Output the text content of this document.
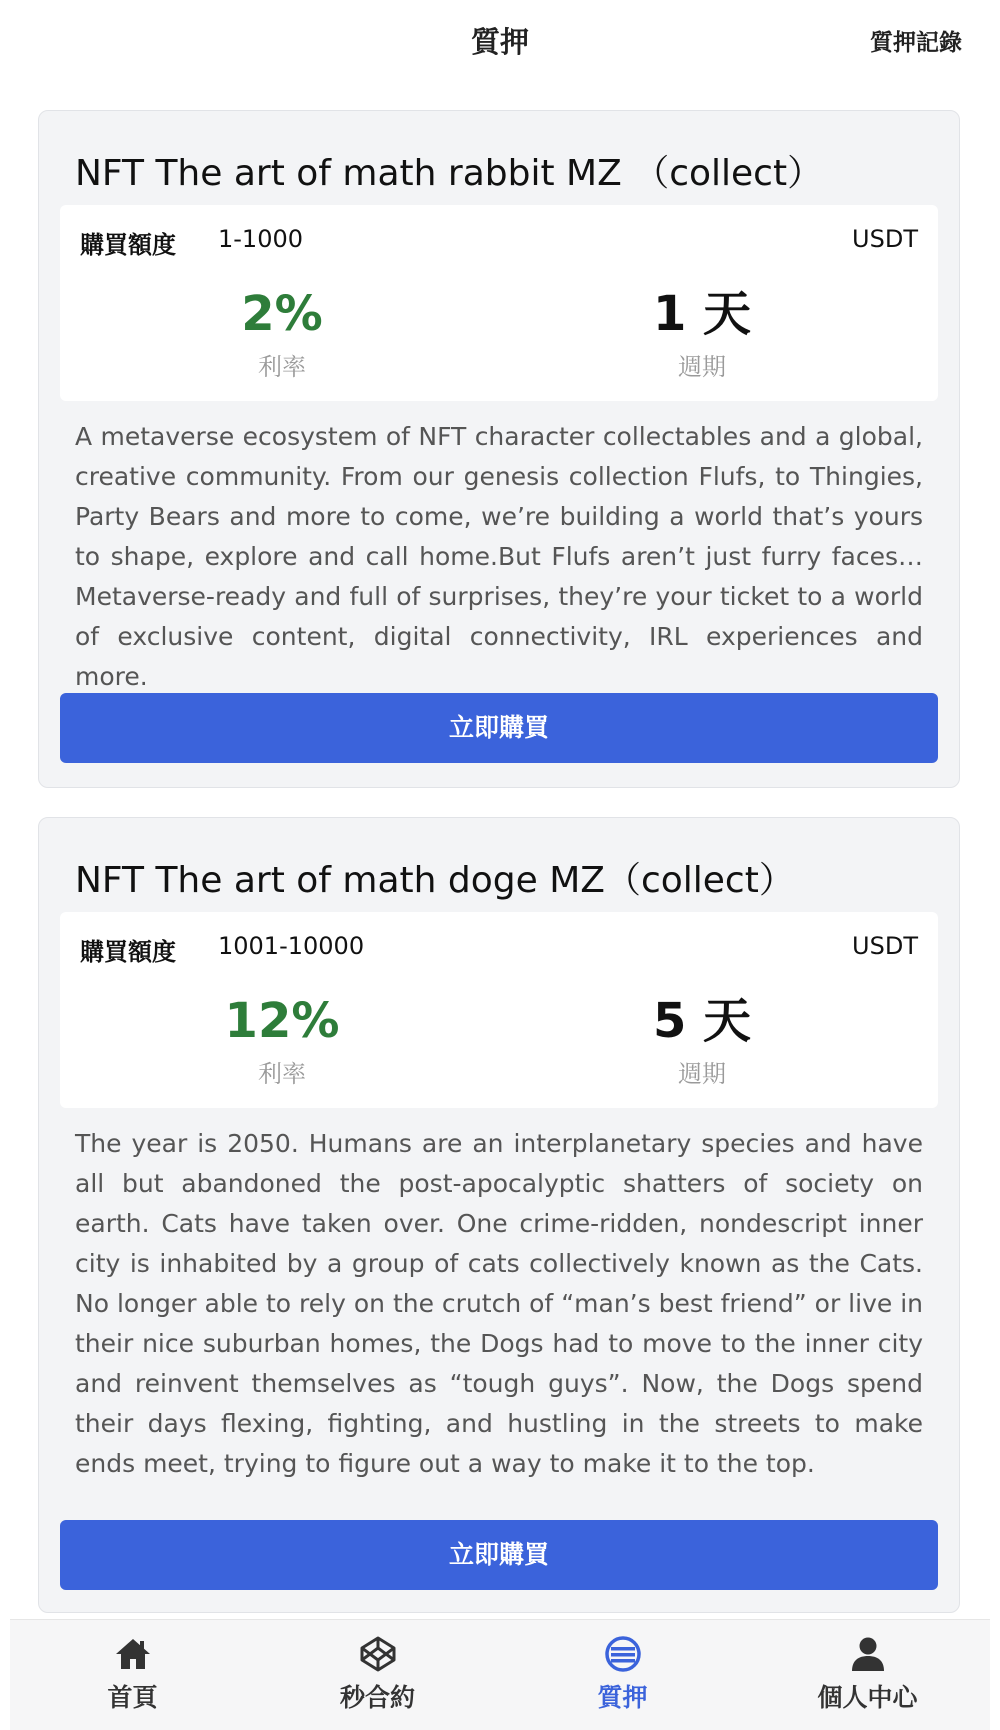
質押	質押記錄
NFT The art of math rabbit MZ （collect）
購買額度 1-1000	USDT
2%
利率
1 天
週期
A metaverse ecosystem of NFT character collectables and a global, creative community. From our genesis collection Flufs, to Thingies, Party Bears and more to come, we’re building a world that’s yours to shape, explore and call home.But Flufs aren’t just furry faces… Metaverse-ready and full of surprises, they’re your ticket to a world of exclusive content, digital connectivity, IRL experiences and more.
立即購買
NFT The art of math doge MZ（collect）
購買額度 1001-10000	USDT
12%
利率
5 天
週期
The year is 2050. Humans are an interplanetary species and have all but abandoned the post-apocalyptic shatters of society on earth. Cats have taken over. One crime-ridden, nondescript inner city is inhabited by a group of cats collectively known as the Cats. No longer able to rely on the crutch of “man’s best friend” or live in their nice suburban homes, the Dogs had to move to the inner city and reinvent themselves as “tough guys”. Now, the Dogs spend their days flexing, fighting, and hustling in the streets to make ends meet, trying to figure out a way to make it to the top.
立即購買
首頁	秒合約	質押	個人中心
